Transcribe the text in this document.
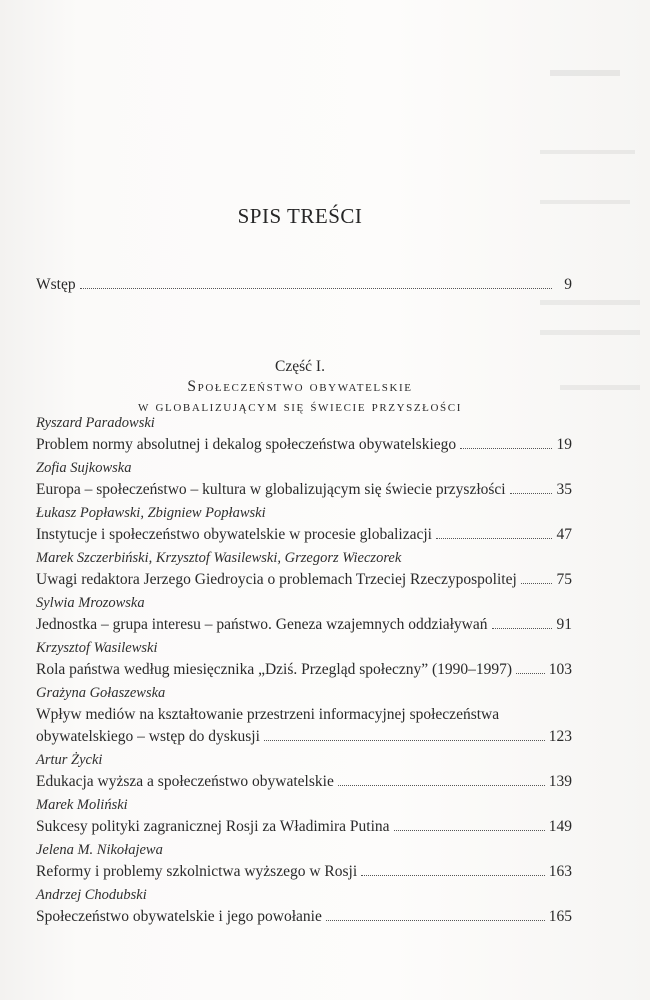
SPIS TREŚCI
Wstęp	9
Część I.
Społeczeństwo obywatelskie
w globalizującym się świecie przyszłości
Ryszard Paradowski
Problem normy absolutnej i dekalog społeczeństwa obywatelskiego	19
Zofia Sujkowska
Europa – społeczeństwo – kultura w globalizującym się świecie przyszłości	35
Łukasz Popławski, Zbigniew Popławski
Instytucje i społeczeństwo obywatelskie w procesie globalizacji	47
Marek Szczerbiński, Krzysztof Wasilewski, Grzegorz Wieczorek
Uwagi redaktora Jerzego Giedroycia o problemach Trzeciej Rzeczypospolitej	75
Sylwia Mrozowska
Jednostka – grupa interesu – państwo. Geneza wzajemnych oddziaływań	91
Krzysztof Wasilewski
Rola państwa według miesięcznika „Dziś. Przegląd społeczny” (1990–1997) 103
Grażyna Gołaszewska
Wpływ mediów na kształtowanie przestrzeni informacyjnej społeczeństwa
obywatelskiego – wstęp do dyskusji	123
Artur Życki
Edukacja wyższa a społeczeństwo obywatelskie	139
Marek Moliński
Sukcesy polityki zagranicznej Rosji za Władimira Putina	149
Jelena M. Nikołajewa
Reformy i problemy szkolnictwa wyższego w Rosji	163
Andrzej Chodubski
Społeczeństwo obywatelskie i jego powołanie	165
